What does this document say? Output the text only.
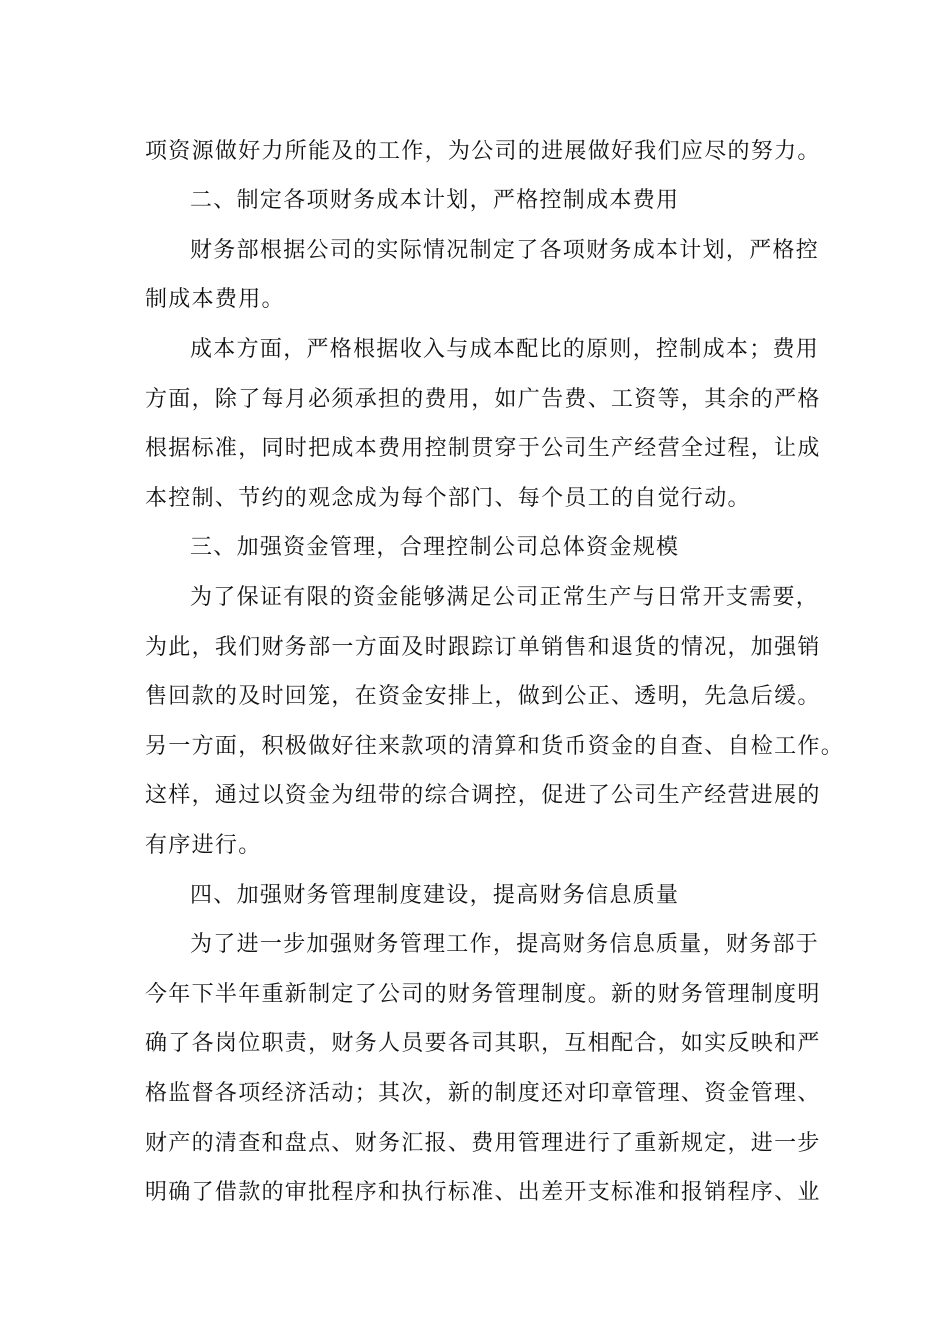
项资源做好力所能及的工作，为公司的进展做好我们应尽的努力。
二、制定各项财务成本计划，严格控制成本费用
财务部根据公司的实际情况制定了各项财务成本计划，严格控
制成本费用。
成本方面，严格根据收入与成本配比的原则，控制成本；费用
方面，除了每月必须承担的费用，如广告费、工资等，其余的严格
根据标准，同时把成本费用控制贯穿于公司生产经营全过程，让成
本控制、节约的观念成为每个部门、每个员工的自觉行动。
三、加强资金管理，合理控制公司总体资金规模
为了保证有限的资金能够满足公司正常生产与日常开支需要，
为此，我们财务部一方面及时跟踪订单销售和退货的情况，加强销
售回款的及时回笼，在资金安排上，做到公正、透明，先急后缓。
另一方面，积极做好往来款项的清算和货币资金的自查、自检工作。
这样，通过以资金为纽带的综合调控，促进了公司生产经营进展的
有序进行。
四、加强财务管理制度建设，提高财务信息质量
为了进一步加强财务管理工作，提高财务信息质量，财务部于
今年下半年重新制定了公司的财务管理制度。新的财务管理制度明
确了各岗位职责，财务人员要各司其职，互相配合，如实反映和严
格监督各项经济活动；其次，新的制度还对印章管理、资金管理、
财产的清查和盘点、财务汇报、费用管理进行了重新规定，进一步
明确了借款的审批程序和执行标准、出差开支标准和报销程序、业
